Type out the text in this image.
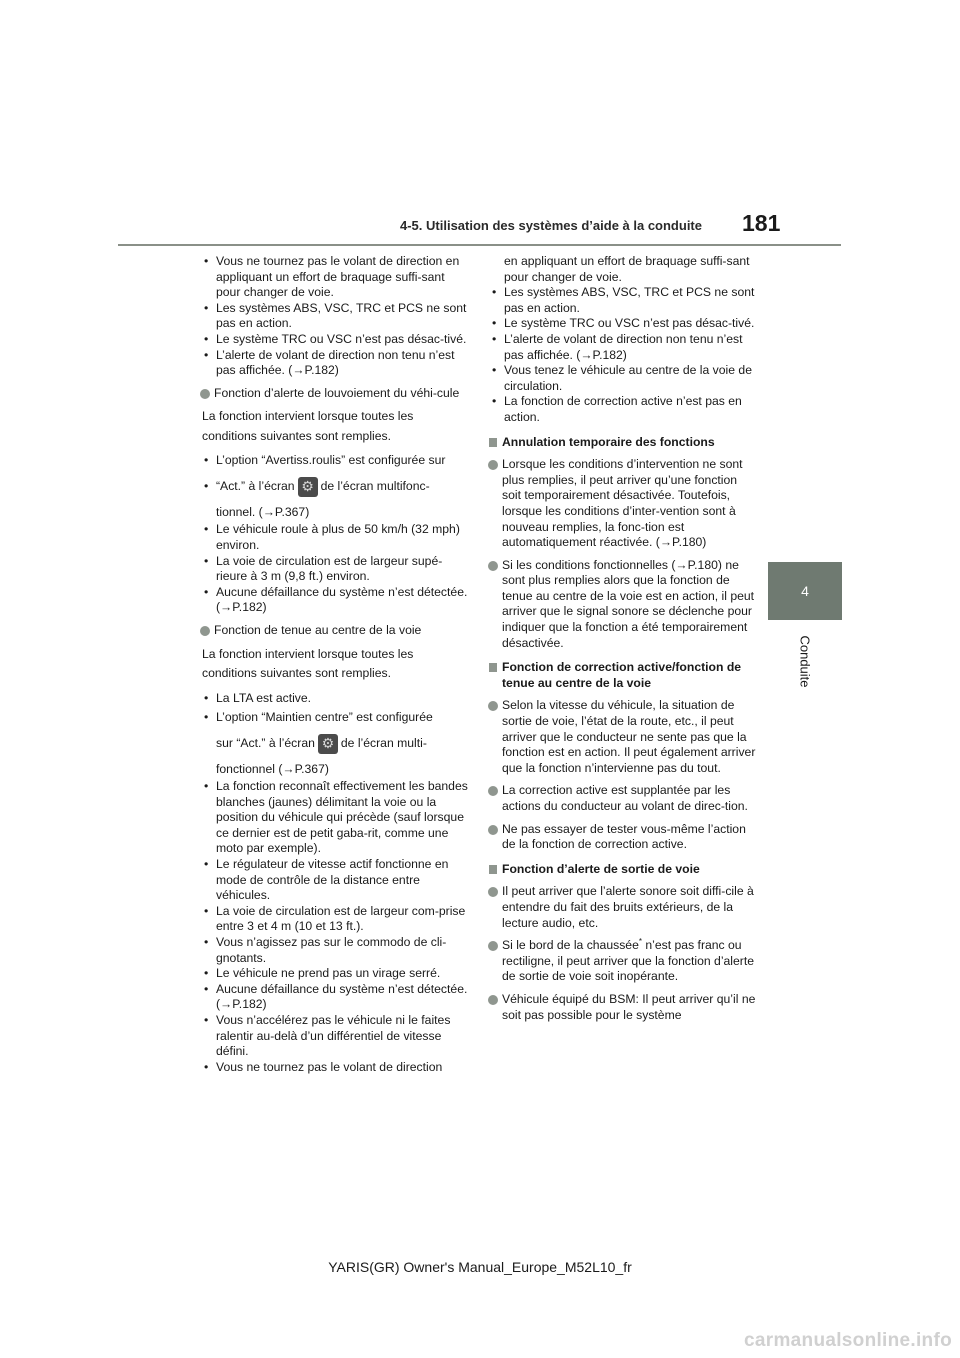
4-5. Utilisation des systèmes d’aide à la conduite 181
4
Conduite

• Vous ne tournez pas le volant de direction en appliquant un effort de braquage suffi-sant pour changer de voie.

• Les systèmes ABS, VSC, TRC et PCS ne sont pas en action.

• Le système TRC ou VSC n’est pas désac-tivé.

• L’alerte de volant de direction non tenu n’est pas affichée. (→P.182)

Fonction d’alerte de louvoiement du véhi-cule

La fonction intervient lorsque toutes les

conditions suivantes sont remplies.

• L’option “Avertiss.roulis” est configurée sur

• “Act.” à l’écran ⚙ de l’écran multifonc-

tionnel. (→P.367)

• Le véhicule roule à plus de 50 km/h (32 mph) environ.

• La voie de circulation est de largeur supé-rieure à 3 m (9,8 ft.) environ.

• Aucune défaillance du système n’est détectée. (→P.182)

Fonction de tenue au centre de la voie

La fonction intervient lorsque toutes les

conditions suivantes sont remplies.

• La LTA est active.

• L’option “Maintien centre” est configurée

sur “Act.” à l’écran ⚙ de l’écran multi-

fonctionnel (→P.367)

• La fonction reconnaît effectivement les bandes blanches (jaunes) délimitant la voie ou la position du véhicule qui précède (sauf lorsque ce dernier est de petit gaba-rit, comme une moto par exemple).

• Le régulateur de vitesse actif fonctionne en mode de contrôle de la distance entre véhicules.

• La voie de circulation est de largeur com-prise entre 3 et 4 m (10 et 13 ft.).

• Vous n’agissez pas sur le commodo de cli-gnotants.

• Le véhicule ne prend pas un virage serré.

• Aucune défaillance du système n’est détectée. (→P.182)

• Vous n’accélérez pas le véhicule ni le faites ralentir au-delà d’un différentiel de vitesse défini.

• Vous ne tournez pas le volant de direction

en appliquant un effort de braquage suffi-sant pour changer de voie.

• Les systèmes ABS, VSC, TRC et PCS ne sont pas en action.

• Le système TRC ou VSC n’est pas désac-tivé.

• L’alerte de volant de direction non tenu n’est pas affichée. (→P.182)

• Vous tenez le véhicule au centre de la voie de circulation.

• La fonction de correction active n’est pas en action.

Annulation temporaire des fonctions

Lorsque les conditions d’intervention ne sont plus remplies, il peut arriver qu’une fonction soit temporairement désactivée. Toutefois, lorsque les conditions d’inter-vention sont à nouveau remplies, la fonc-tion est automatiquement réactivée. (→P.180)

Si les conditions fonctionnelles (→P.180) ne sont plus remplies alors que la fonction de tenue au centre de la voie est en action, il peut arriver que le signal sonore se déclenche pour indiquer que la fonction a été temporairement désactivée.

Fonction de correction active/fonction de tenue au centre de la voie

Selon la vitesse du véhicule, la situation de sortie de voie, l’état de la route, etc., il peut arriver que le conducteur ne sente pas que la fonction est en action. Il peut également arriver que la fonction n’intervienne pas du tout.

La correction active est supplantée par les actions du conducteur au volant de direc-tion.

Ne pas essayer de tester vous-même l’action de la fonction de correction active.

Fonction d’alerte de sortie de voie

Il peut arriver que l’alerte sonore soit diffi-cile à entendre du fait des bruits extérieurs, de la lecture audio, etc.

Si le bord de la chaussée* n’est pas franc ou rectiligne, il peut arriver que la fonction d’alerte de sortie de voie soit inopérante.

Véhicule équipé du BSM: Il peut arriver qu’il ne soit pas possible pour le système

YARIS(GR) Owner's Manual_Europe_M52L10_fr
carmanualsonline.info
